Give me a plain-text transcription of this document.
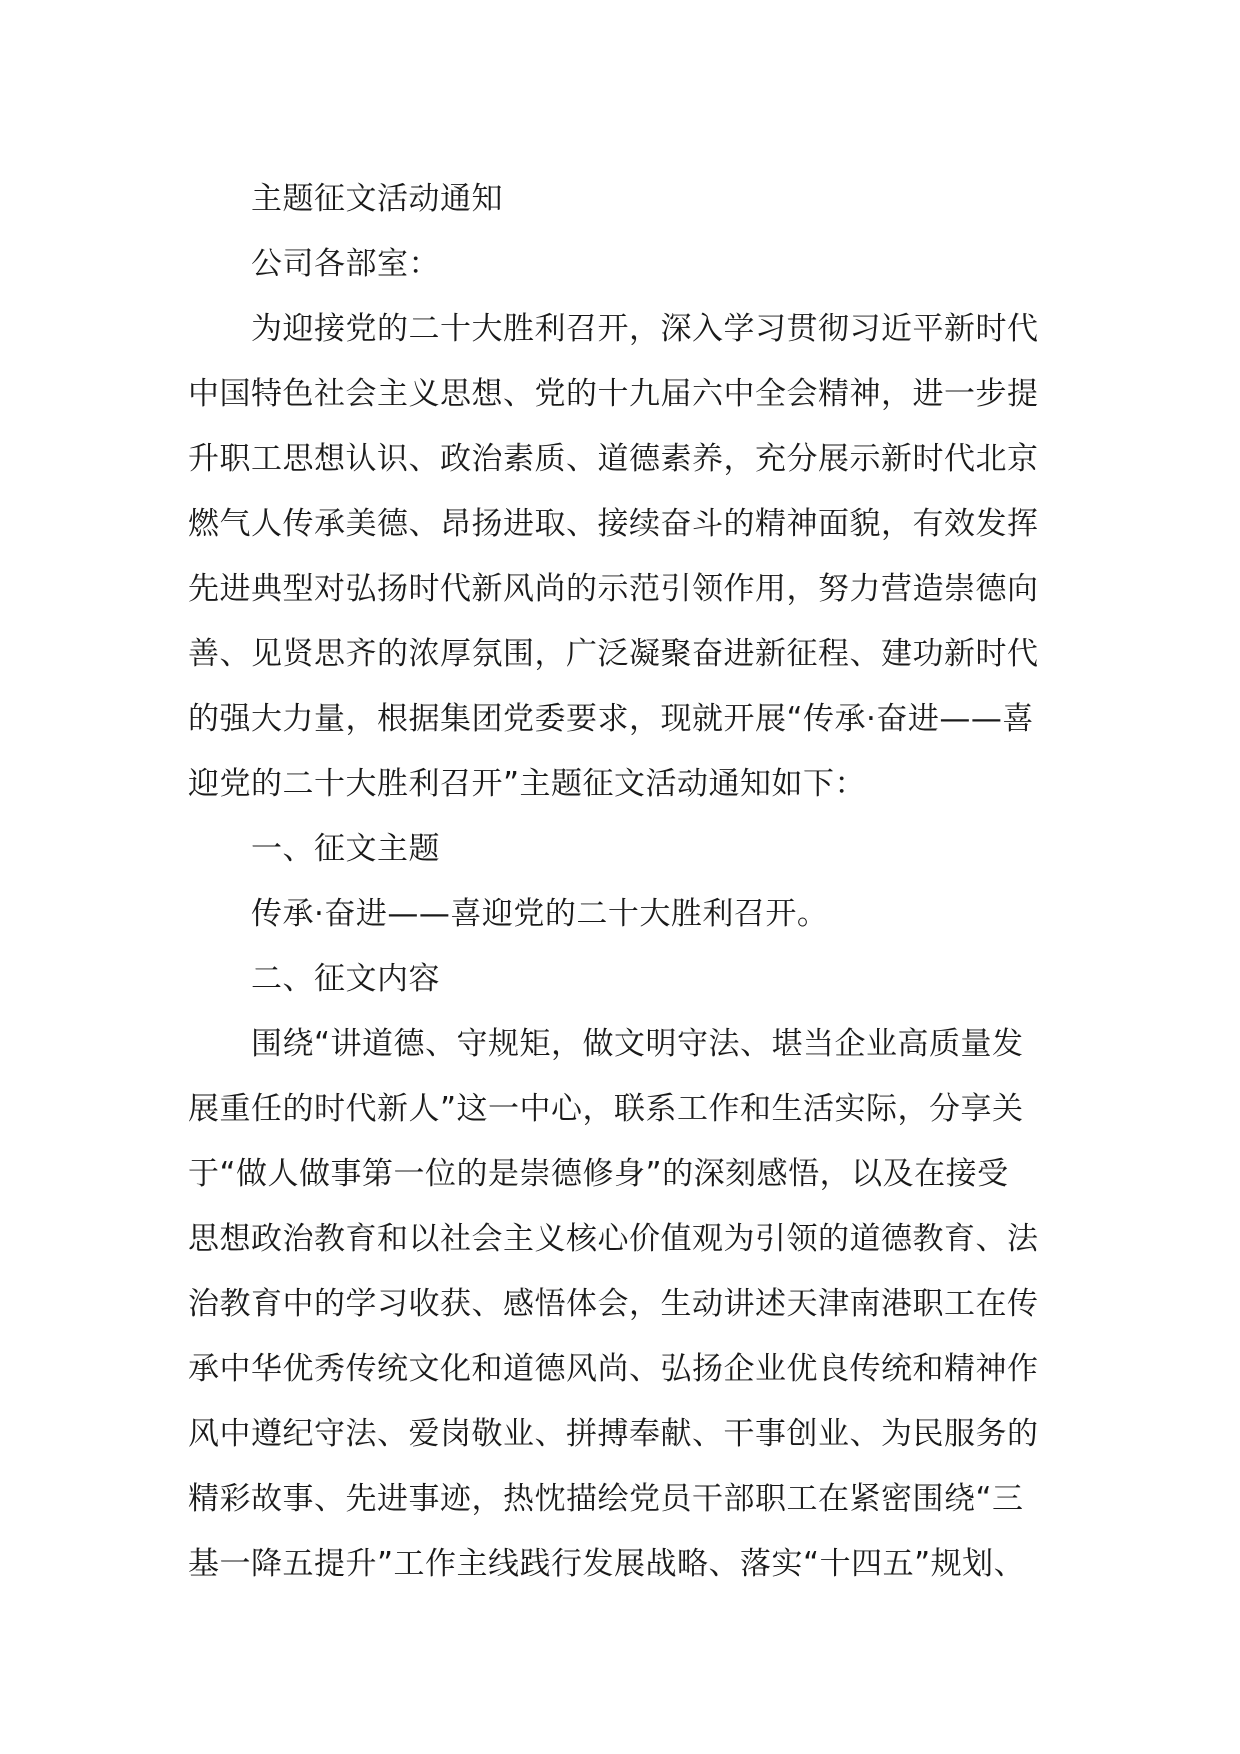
主题征文活动通知

公司各部室：

为迎接党的二十大胜利召开，深入学习贯彻习近平新时代

中国特色社会主义思想、党的十九届六中全会精神，进一步提

升职工思想认识、政治素质、道德素养，充分展示新时代北京

燃气人传承美德、昂扬进取、接续奋斗的精神面貌，有效发挥

先进典型对弘扬时代新风尚的示范引领作用，努力营造崇德向

善、见贤思齐的浓厚氛围，广泛凝聚奋进新征程、建功新时代

的强大力量，根据集团党委要求，现就开展“传承·奋进——喜

迎党的二十大胜利召开”主题征文活动通知如下：

一、征文主题

传承·奋进——喜迎党的二十大胜利召开。

二、征文内容

围绕“讲道德、守规矩，做文明守法、堪当企业高质量发

展重任的时代新人”这一中心，联系工作和生活实际，分享关

于“做人做事第一位的是崇德修身”的深刻感悟，以及在接受

思想政治教育和以社会主义核心价值观为引领的道德教育、法

治教育中的学习收获、感悟体会，生动讲述天津南港职工在传

承中华优秀传统文化和道德风尚、弘扬企业优良传统和精神作

风中遵纪守法、爱岗敬业、拼搏奉献、干事创业、为民服务的

精彩故事、先进事迹，热忱描绘党员干部职工在紧密围绕“三

基一降五提升”工作主线践行发展战略、落实“十四五”规划、
